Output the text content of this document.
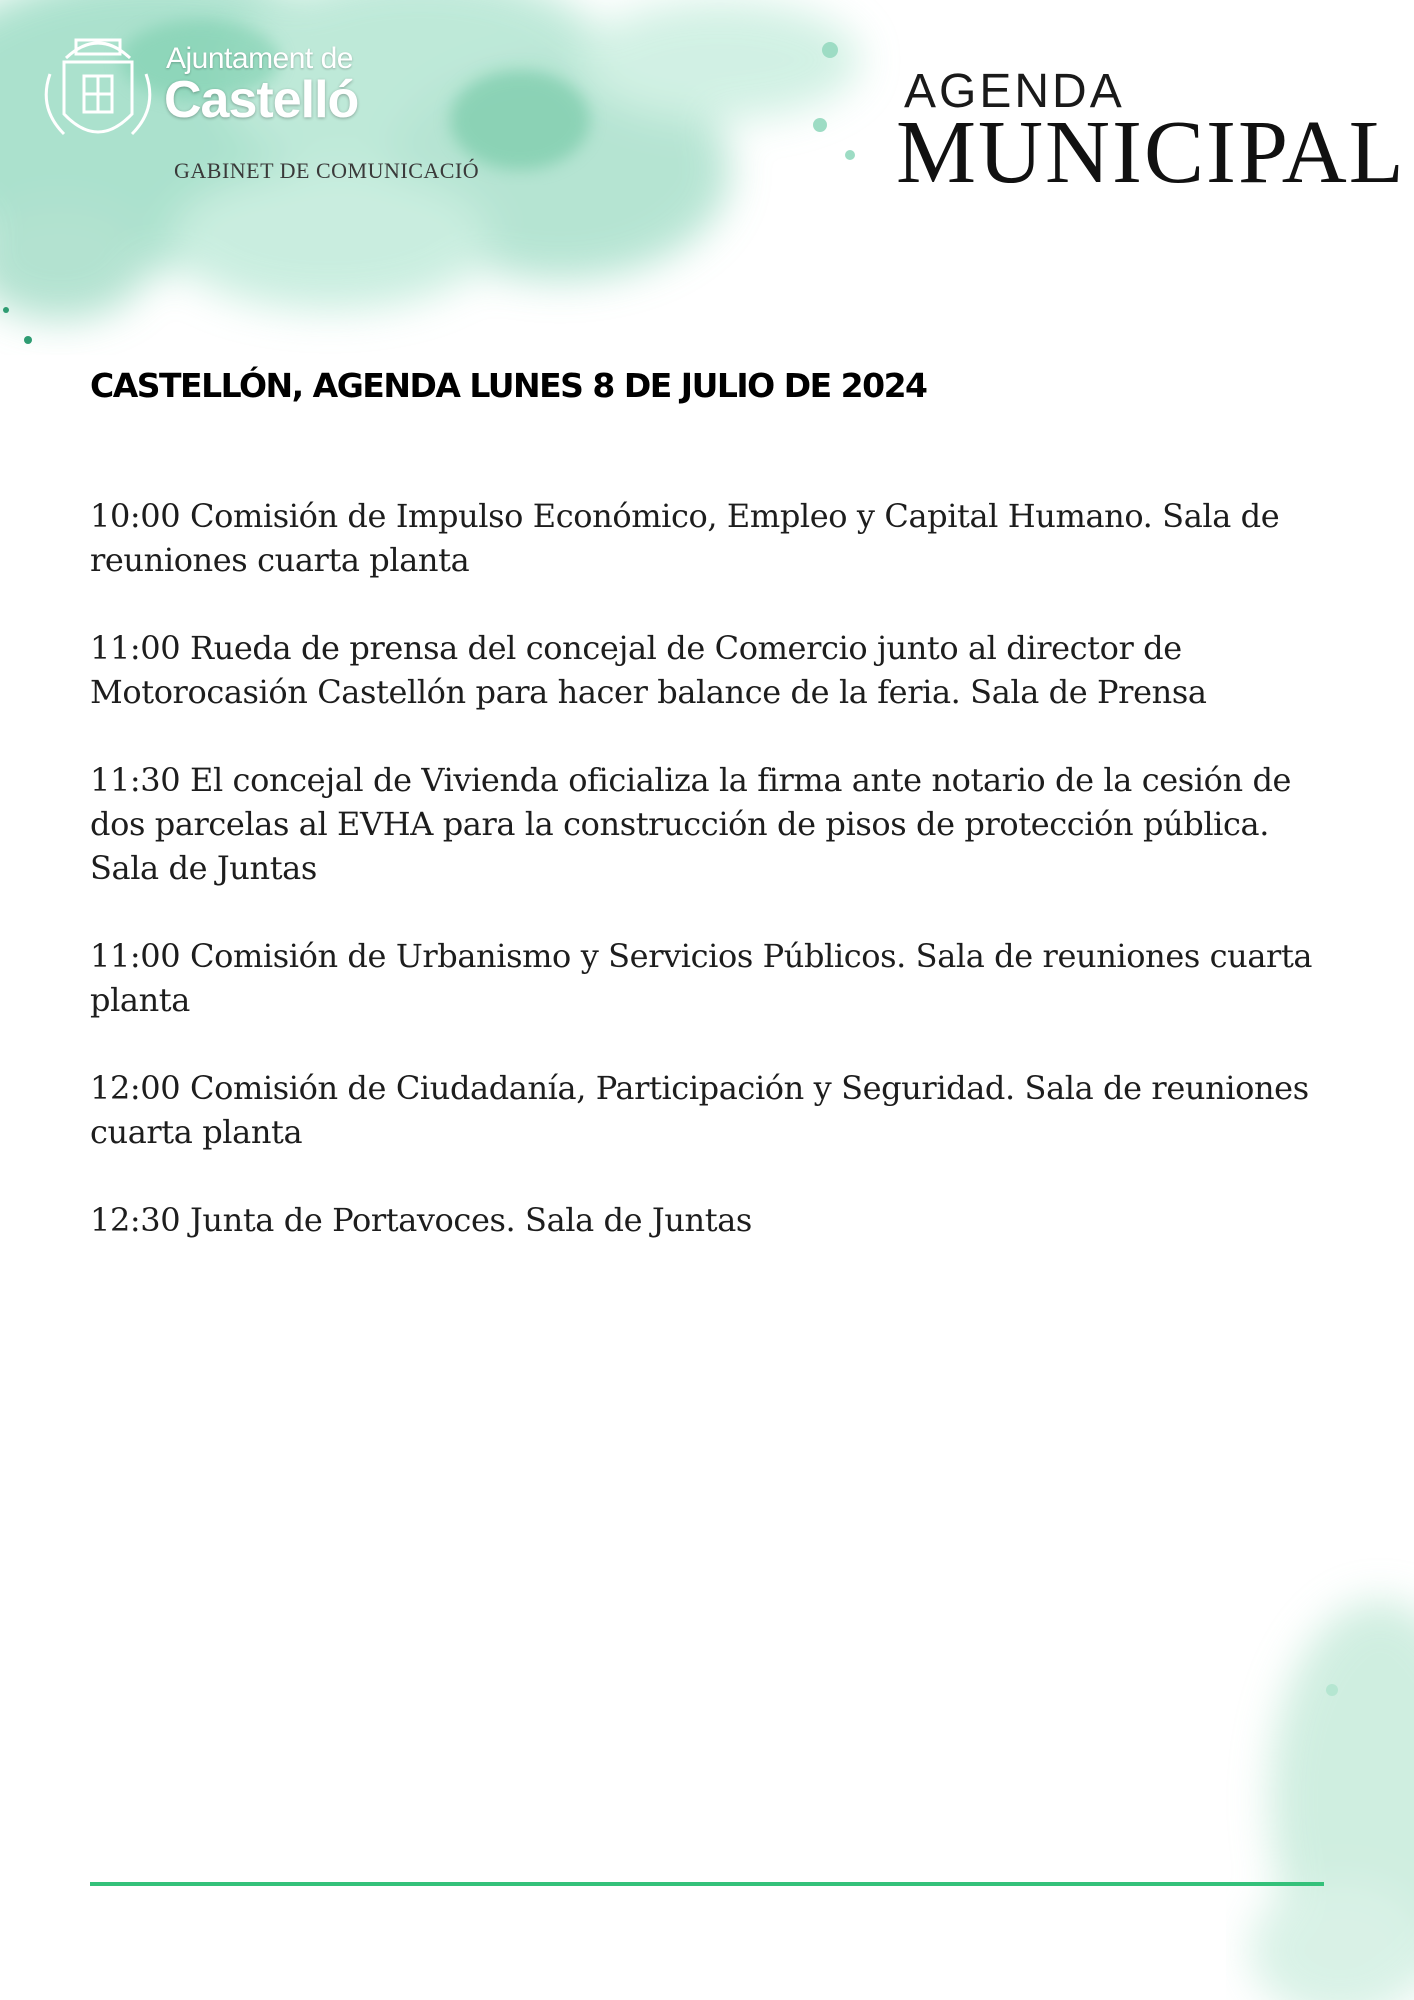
Ajuntament de
Castelló
GABINET DE COMUNICACIÓ
AGENDA
MUNICIPAL
CASTELLÓN, AGENDA LUNES 8 DE JULIO DE 2024

10:00 Comisión de Impulso Económico, Empleo y Capital Humano. Sala de reuniones cuarta planta

11:00 Rueda de prensa del concejal de Comercio junto al director de Motorocasión Castellón para hacer balance de la feria. Sala de Prensa

11:30 El concejal de Vivienda oficializa la firma ante notario de la cesión de dos parcelas al EVHA para la construcción de pisos de protección pública. Sala de Juntas

11:00 Comisión de Urbanismo y Servicios Públicos. Sala de reuniones cuarta planta

12:00 Comisión de Ciudadanía, Participación y Seguridad. Sala de reuniones cuarta planta

12:30 Junta de Portavoces. Sala de Juntas
